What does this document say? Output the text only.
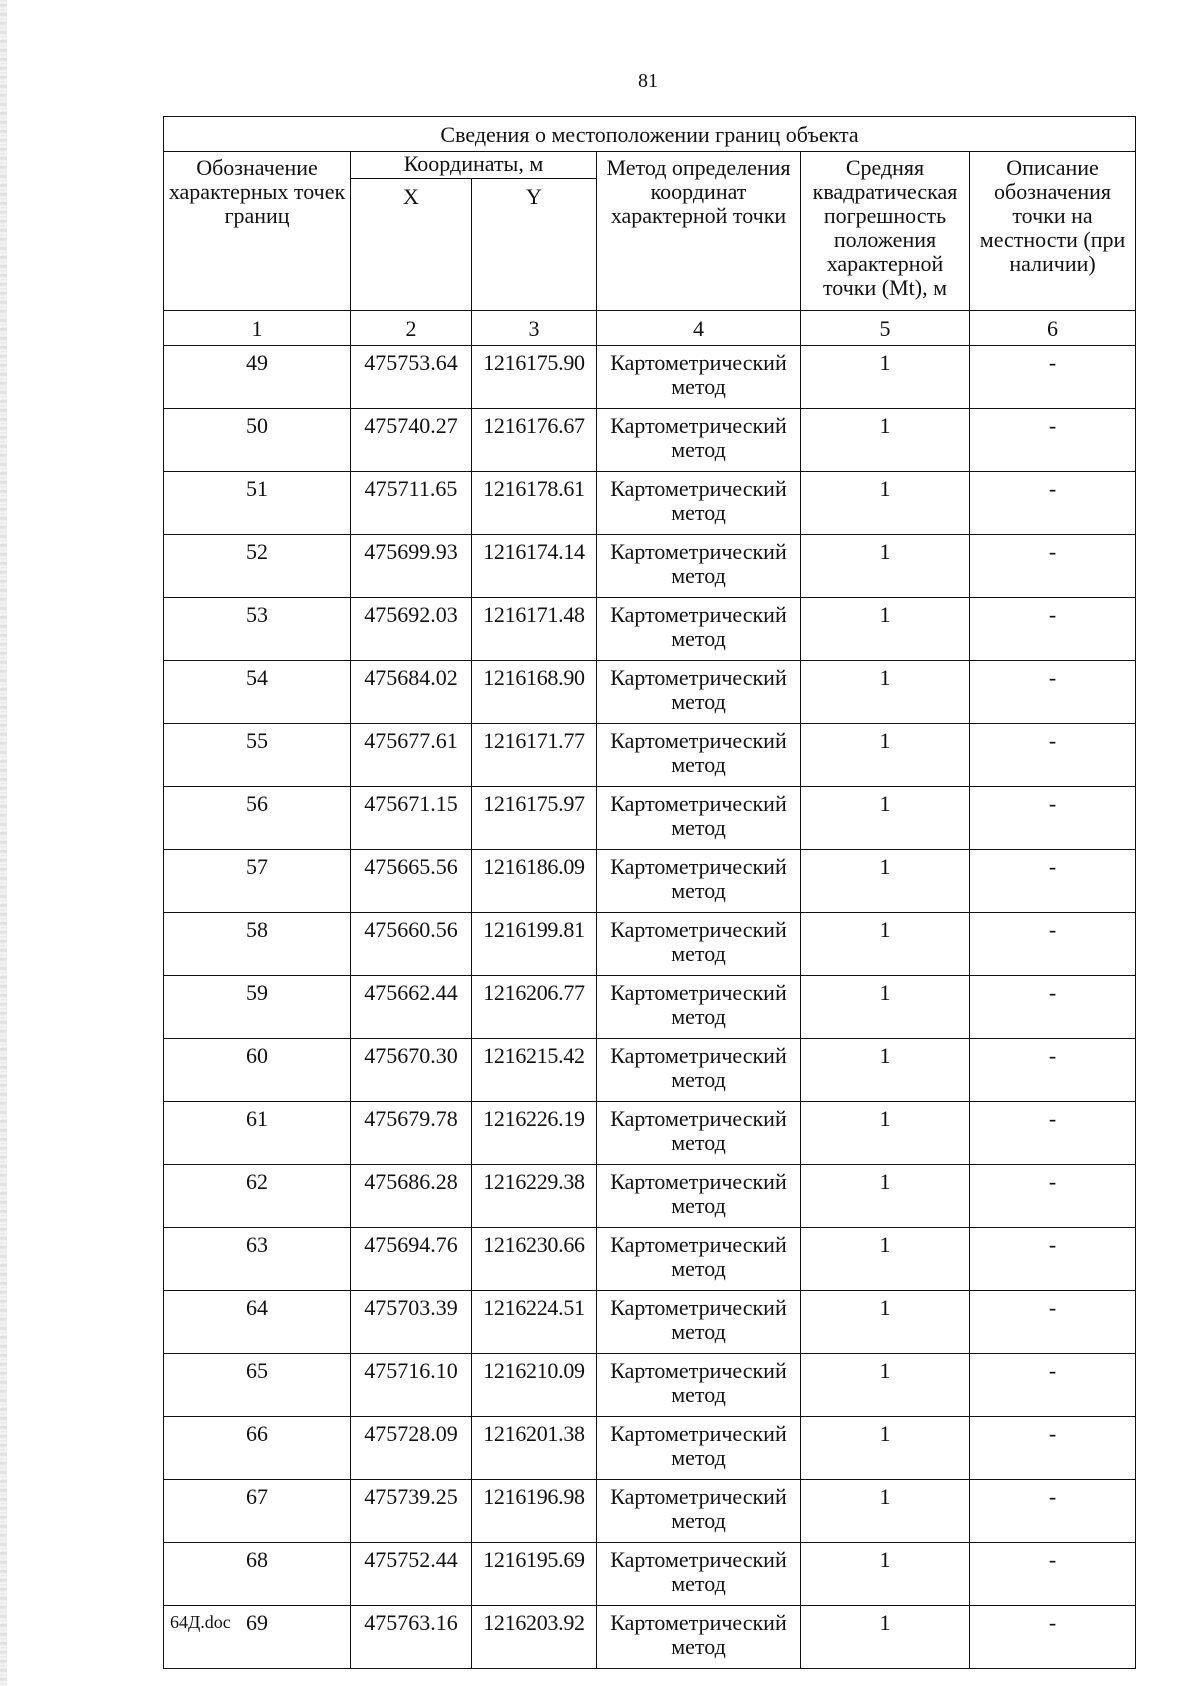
81
Сведения о местоположении границ объекта					
Обозначение характерных точек границ	Координаты, м		Метод определения координат характерной точки	Средняя квадратическая погрешность положения характерной точки (Mt), м	Описание обозначения точки на местности (при наличии)
	X	Y			
1	2	3	4	5	6
49	475753.64	1216175.90	Картометрический метод	1	-
50	475740.27	1216176.67	Картометрический метод	1	-
51	475711.65	1216178.61	Картометрический метод	1	-
52	475699.93	1216174.14	Картометрический метод	1	-
53	475692.03	1216171.48	Картометрический метод	1	-
54	475684.02	1216168.90	Картометрический метод	1	-
55	475677.61	1216171.77	Картометрический метод	1	-
56	475671.15	1216175.97	Картометрический метод	1	-
57	475665.56	1216186.09	Картометрический метод	1	-
58	475660.56	1216199.81	Картометрический метод	1	-
59	475662.44	1216206.77	Картометрический метод	1	-
60	475670.30	1216215.42	Картометрический метод	1	-
61	475679.78	1216226.19	Картометрический метод	1	-
62	475686.28	1216229.38	Картометрический метод	1	-
63	475694.76	1216230.66	Картометрический метод	1	-
64	475703.39	1216224.51	Картометрический метод	1	-
65	475716.10	1216210.09	Картометрический метод	1	-
66	475728.09	1216201.38	Картометрический метод	1	-
67	475739.25	1216196.98	Картометрический метод	1	-
68	475752.44	1216195.69	Картометрический метод	1	-
69	475763.16	1216203.92	Картометрический метод	1	-
64Д.doc
